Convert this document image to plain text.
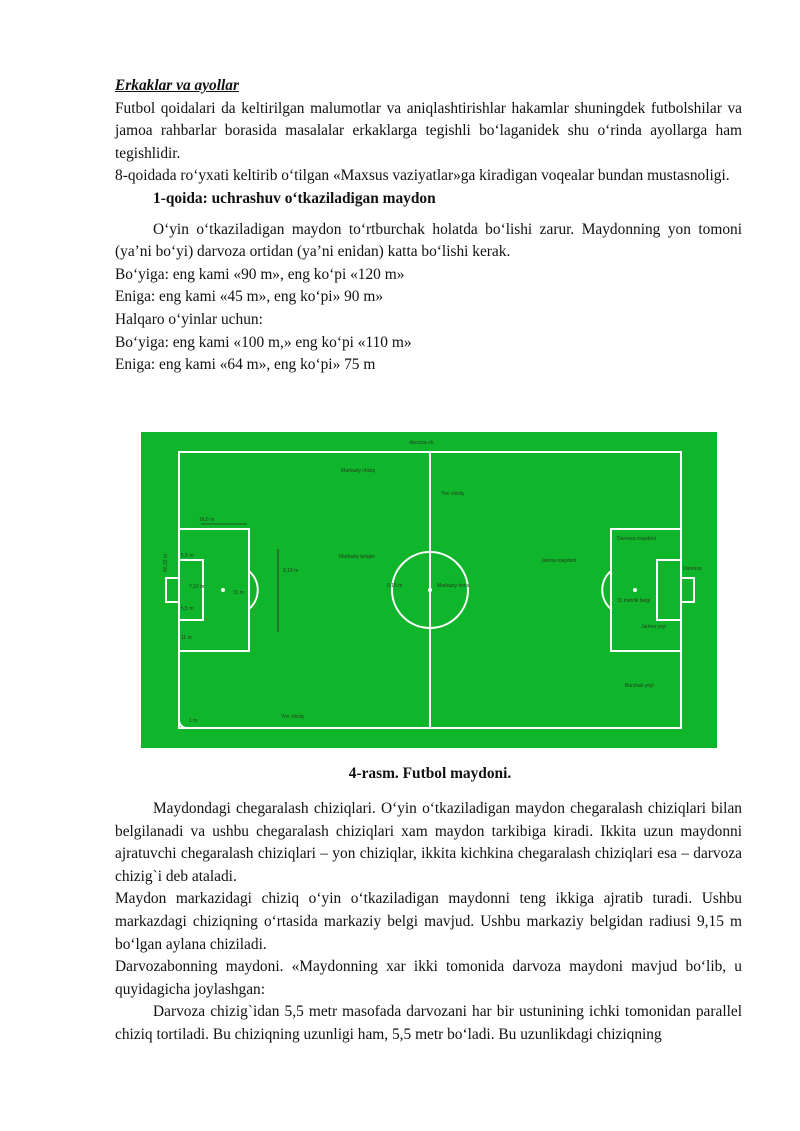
Erkaklar va ayollar

Futbol qoidalari da keltirilgan malumotlar va aniqlashtirishlar hakamlar shuningdek futbolshilar va jamoa rahbarlar borasida masalalar erkaklarga tegishli bo‘laganidek shu o‘rinda ayollarga ham tegishlidir.

8-qoidada ro‘yxati keltirib o‘tilgan «Maxsus vaziyatlar»ga kiradigan voqealar bundan mustasnoligi.

1-qoida: uchrashuv o‘tkaziladigan maydon

O‘yin o‘tkaziladigan maydon to‘rtburchak holatda bo‘lishi zarur. Maydonning yon tomoni (ya’ni bo‘yi) darvoza ortidan (ya’ni enidan) katta bo‘lishi kerak.

Bo‘yiga: eng kami «90 m», eng ko‘pi «120 m»

Eniga: eng kami «45 m», eng ko‘pi» 90 m»

Halqaro o‘yinlar uchun:

Bo‘yiga: eng kami «100 m,» eng ko‘pi «110 m»

Eniga: eng kami «64 m», eng ko‘pi» 75 m

darvoza ch.
40,32 m
16,5 m
5,5 m
7,32 m
5,5 m
11 m
11 m
9,15 m
Markaziy belgisi
Markaziy doira
9,15 m
Yon chiziq
Jarima maydoni
Darvoza maydoni
11 metrlik belgi
Jarima yoyi
Burchak yoyi
1 m
Yon chiziq
Darvoza
Markaziy chiziq
4-rasm. Futbol maydoni.

Maydondagi chegaralash chiziqlari. O‘yin o‘tkaziladigan maydon chegaralash chiziqlari bilan belgilanadi va ushbu chegaralash chiziqlari xam maydon tarkibiga kiradi. Ikkita uzun maydonni ajratuvchi chegaralash chiziqlari – yon chiziqlar, ikkita kichkina chegaralash chiziqlari esa – darvoza chizig`i deb ataladi.

Maydon markazidagi chiziq o‘yin o‘tkaziladigan maydonni teng ikkiga ajratib turadi. Ushbu markazdagi chiziqning o‘rtasida markaziy belgi mavjud. Ushbu markaziy belgidan radiusi 9,15 m bo‘lgan aylana chiziladi.

Darvozabonning maydoni. «Maydonning xar ikki tomonida darvoza maydoni mavjud bo‘lib, u quyidagicha joylashgan:

Darvoza chizig`idan 5,5 metr masofada darvozani har bir ustunining ichki tomonidan parallel chiziq tortiladi. Bu chiziqning uzunligi ham, 5,5 metr bo‘ladi. Bu uzunlikdagi chiziqning
